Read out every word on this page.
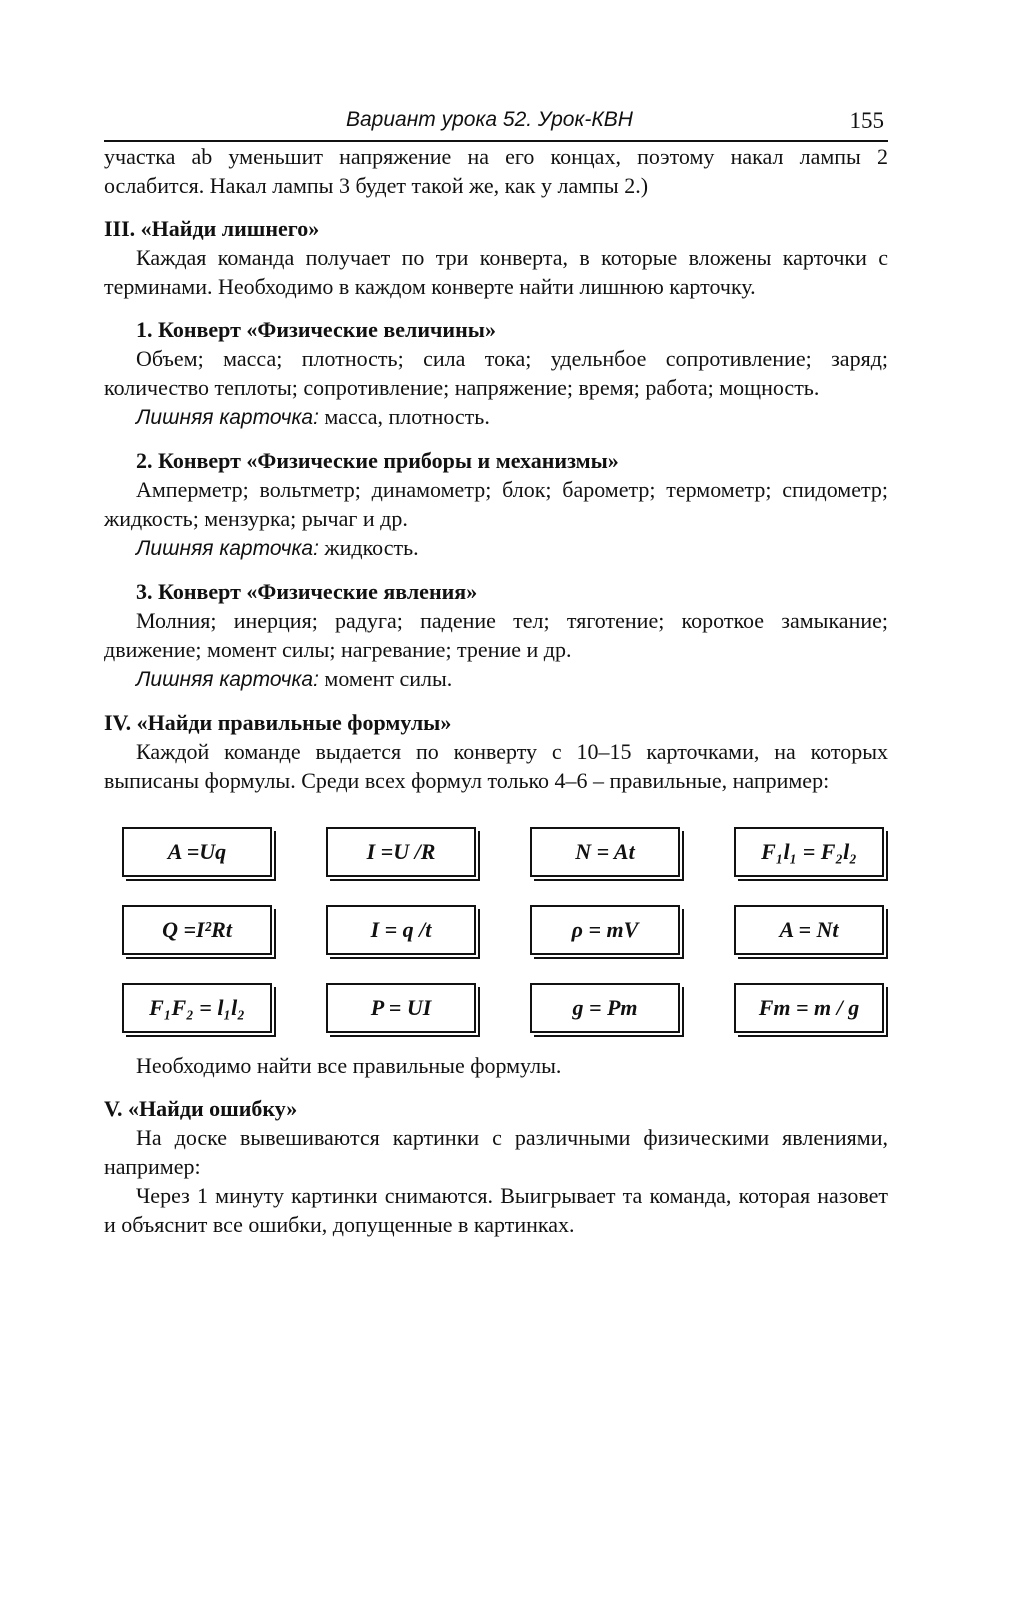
Вариант урока 52. Урок-КВН	155

участка ab уменьшит напряжение на его концах, поэтому накал лампы 2

ослабится. Накал лампы 3 будет такой же, как у лампы 2.)

III. «Найди лишнего»

Каждая команда получает по три конверта, в которые вложены карточки с терминами. Необходимо в каждом конверте найти лишнюю карточку.

1. Конверт «Физические величины»

Объем; масса; плотность; сила тока; удельнбое сопротивление; заряд; количество теплоты; сопротивление; напряжение; время; работа; мощность.

Лишняя карточка: масса, плотность.

2. Конверт «Физические приборы и механизмы»

Амперметр; вольтметр; динамометр; блок; барометр; термометр; спидометр; жидкость; мензурка; рычаг и др.

Лишняя карточка: жидкость.

3. Конверт «Физические явления»

Молния; инерция; радуга; падение тел; тяготение; короткое замыкание; движение; момент силы; нагревание; трение и др.

Лишняя карточка: момент силы.

IV. «Найди правильные формулы»

Каждой команде выдается по конверту с 10–15 карточками, на которых выписаны формулы. Среди всех формул только 4–6 – правильные, например:

A =Uq	I =U /R	N = At	F₁l₁ = F₂l₂
Q =I²Rt	I = q /t	ρ = mV	A = Nt
F₁F₂ = l₁l₂	P = UI	g = Pm	Fт = m / g

Необходимо найти все правильные формулы.

V. «Найди ошибку»

На доске вывешиваются картинки с различными физическими явлениями, например:

Через 1 минуту картинки снимаются. Выигрывает та команда, которая назовет и объяснит все ошибки, допущенные в картинках.
